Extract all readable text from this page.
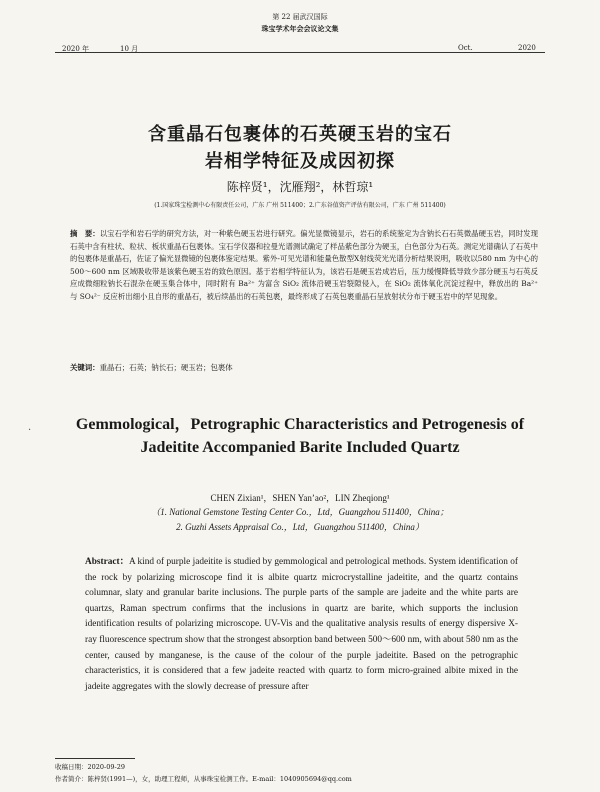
第 22 届武汉国际
珠宝学术年会会议论文集
2020 年	10 月	Oct.	2020
含重晶石包裹体的石英硬玉岩的宝石
岩相学特征及成因初探
陈梓贤¹，沈雁翔²，林哲琼¹
(1.国家珠宝检测中心有限责任公司，广东 广州 511400；2.广东谷值资产评估有限公司，广东 广州 511400)
摘　要：以宝石学和岩石学的研究方法，对一种紫色硬玉岩进行研究。偏光显微镜显示，岩石的系统鉴定为含钠长石石英微晶硬玉岩，同时发现石英中含有柱状、粒状、板状重晶石包裹体。宝石学仪器和拉曼光谱测试确定了样品紫色部分为硬玉，白色部分为石英。测定光谱确认了石英中的包裹体是重晶石，佐证了偏光显微镜的包裹体鉴定结果。紫外-可见光谱和能量色散型X射线荧光光谱分析结果说明，吸收以580 nm 为中心的 500～600 nm 区域吸收带是该紫色硬玉岩的致色原因。基于岩相学特征认为，该岩石是硬玉岩成岩后，压力缓慢降低导致少部分硬玉与石英反应成微细粒钠长石混杂在硬玉集合体中，同时附有 Ba²⁺ 为富含 SiO₂ 流体沿硬玉岩裂隙侵入，在 SiO₂ 流体氧化沉淀过程中，释放出的 Ba²⁺ 与 SO₄²⁻ 反应析出细小且自形的重晶石，被后续晶出的石英包裹，最终形成了石英包裹重晶石呈放射状分布于硬玉岩中的罕见现象。
关键词：重晶石；石英；钠长石；硬玉岩；包裹体
·	Gemmological，Petrographic Characteristics and Petrogenesis of
Jadeitite Accompanied Barite Included Quartz
CHEN Zixian¹，SHEN Yan’ao²，LIN Zheqiong¹
（1. National Gemstone Testing Center Co.，Ltd，Guangzhou 511400，China；
2. Guzhi Assets Appraisal Co.，Ltd，Guangzhou 511400，China）
Abstract：A kind of purple jadeitite is studied by gemmological and petrological methods. System identification of the rock by polarizing microscope find it is albite quartz microcrystalline jadeitite, and the quartz contains columnar, slaty and granular barite inclusions. The purple parts of the sample are jadeite and the white parts are quartzs, Raman spectrum confirms that the inclusions in quartz are barite, which supports the inclusion identification results of polarizing microscope. UV-Vis and the qualitative analysis results of energy dispersive X-ray fluorescence spectrum show that the strongest absorption band between 500～600 nm, with about 580 nm as the center, caused by manganese, is the cause of the colour of the purple jadeitite. Based on the petrographic characteristics, it is considered that a few jadeite reacted with quartz to form micro-grained albite mixed in the jadeite aggregates with the slowly decrease of pressure after
收稿日期：2020-09-29
作者简介：陈梓贤(1991—)，女，助理工程师，从事珠宝检测工作。E-mail：1040905694@qq.com
